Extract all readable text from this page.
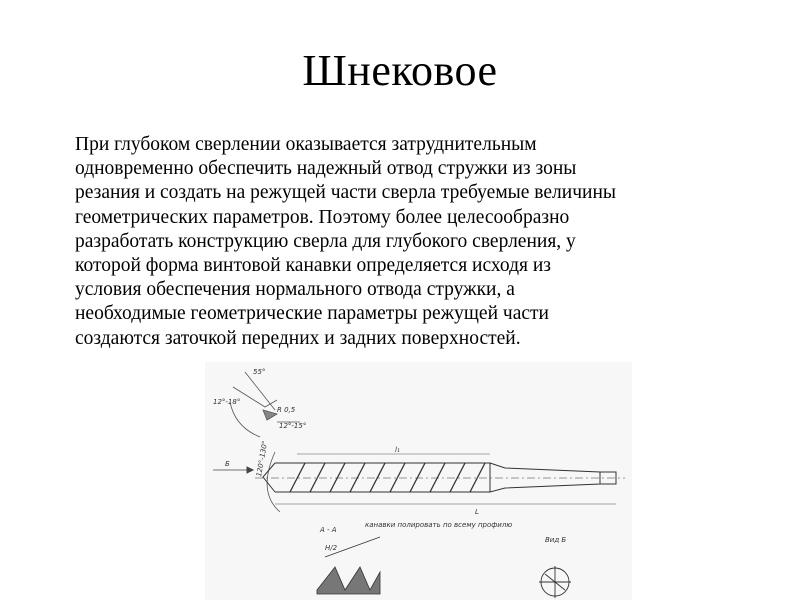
Шнековое

При глубоком сверлении оказывается затруднительным
одновременно обеспечить надежный отвод стружки из зоны
резания и создать на режущей части сверла требуемые величины
геометрических параметров. Поэтому более целесообразно
разработать конструкцию сверла для глубокого сверления, у
которой форма винтовой канавки определяется исходя из
условия обеспечения нормального отвода стружки, а
необходимые геометрические параметры режущей части
создаются заточкой передних и задних поверхностей.

55°
12°-18°
R 0,5
12°-15°
Б	120°-130°	l₁
L
А - А
канавки полировать по всему профилю
H/2
Вид Б
